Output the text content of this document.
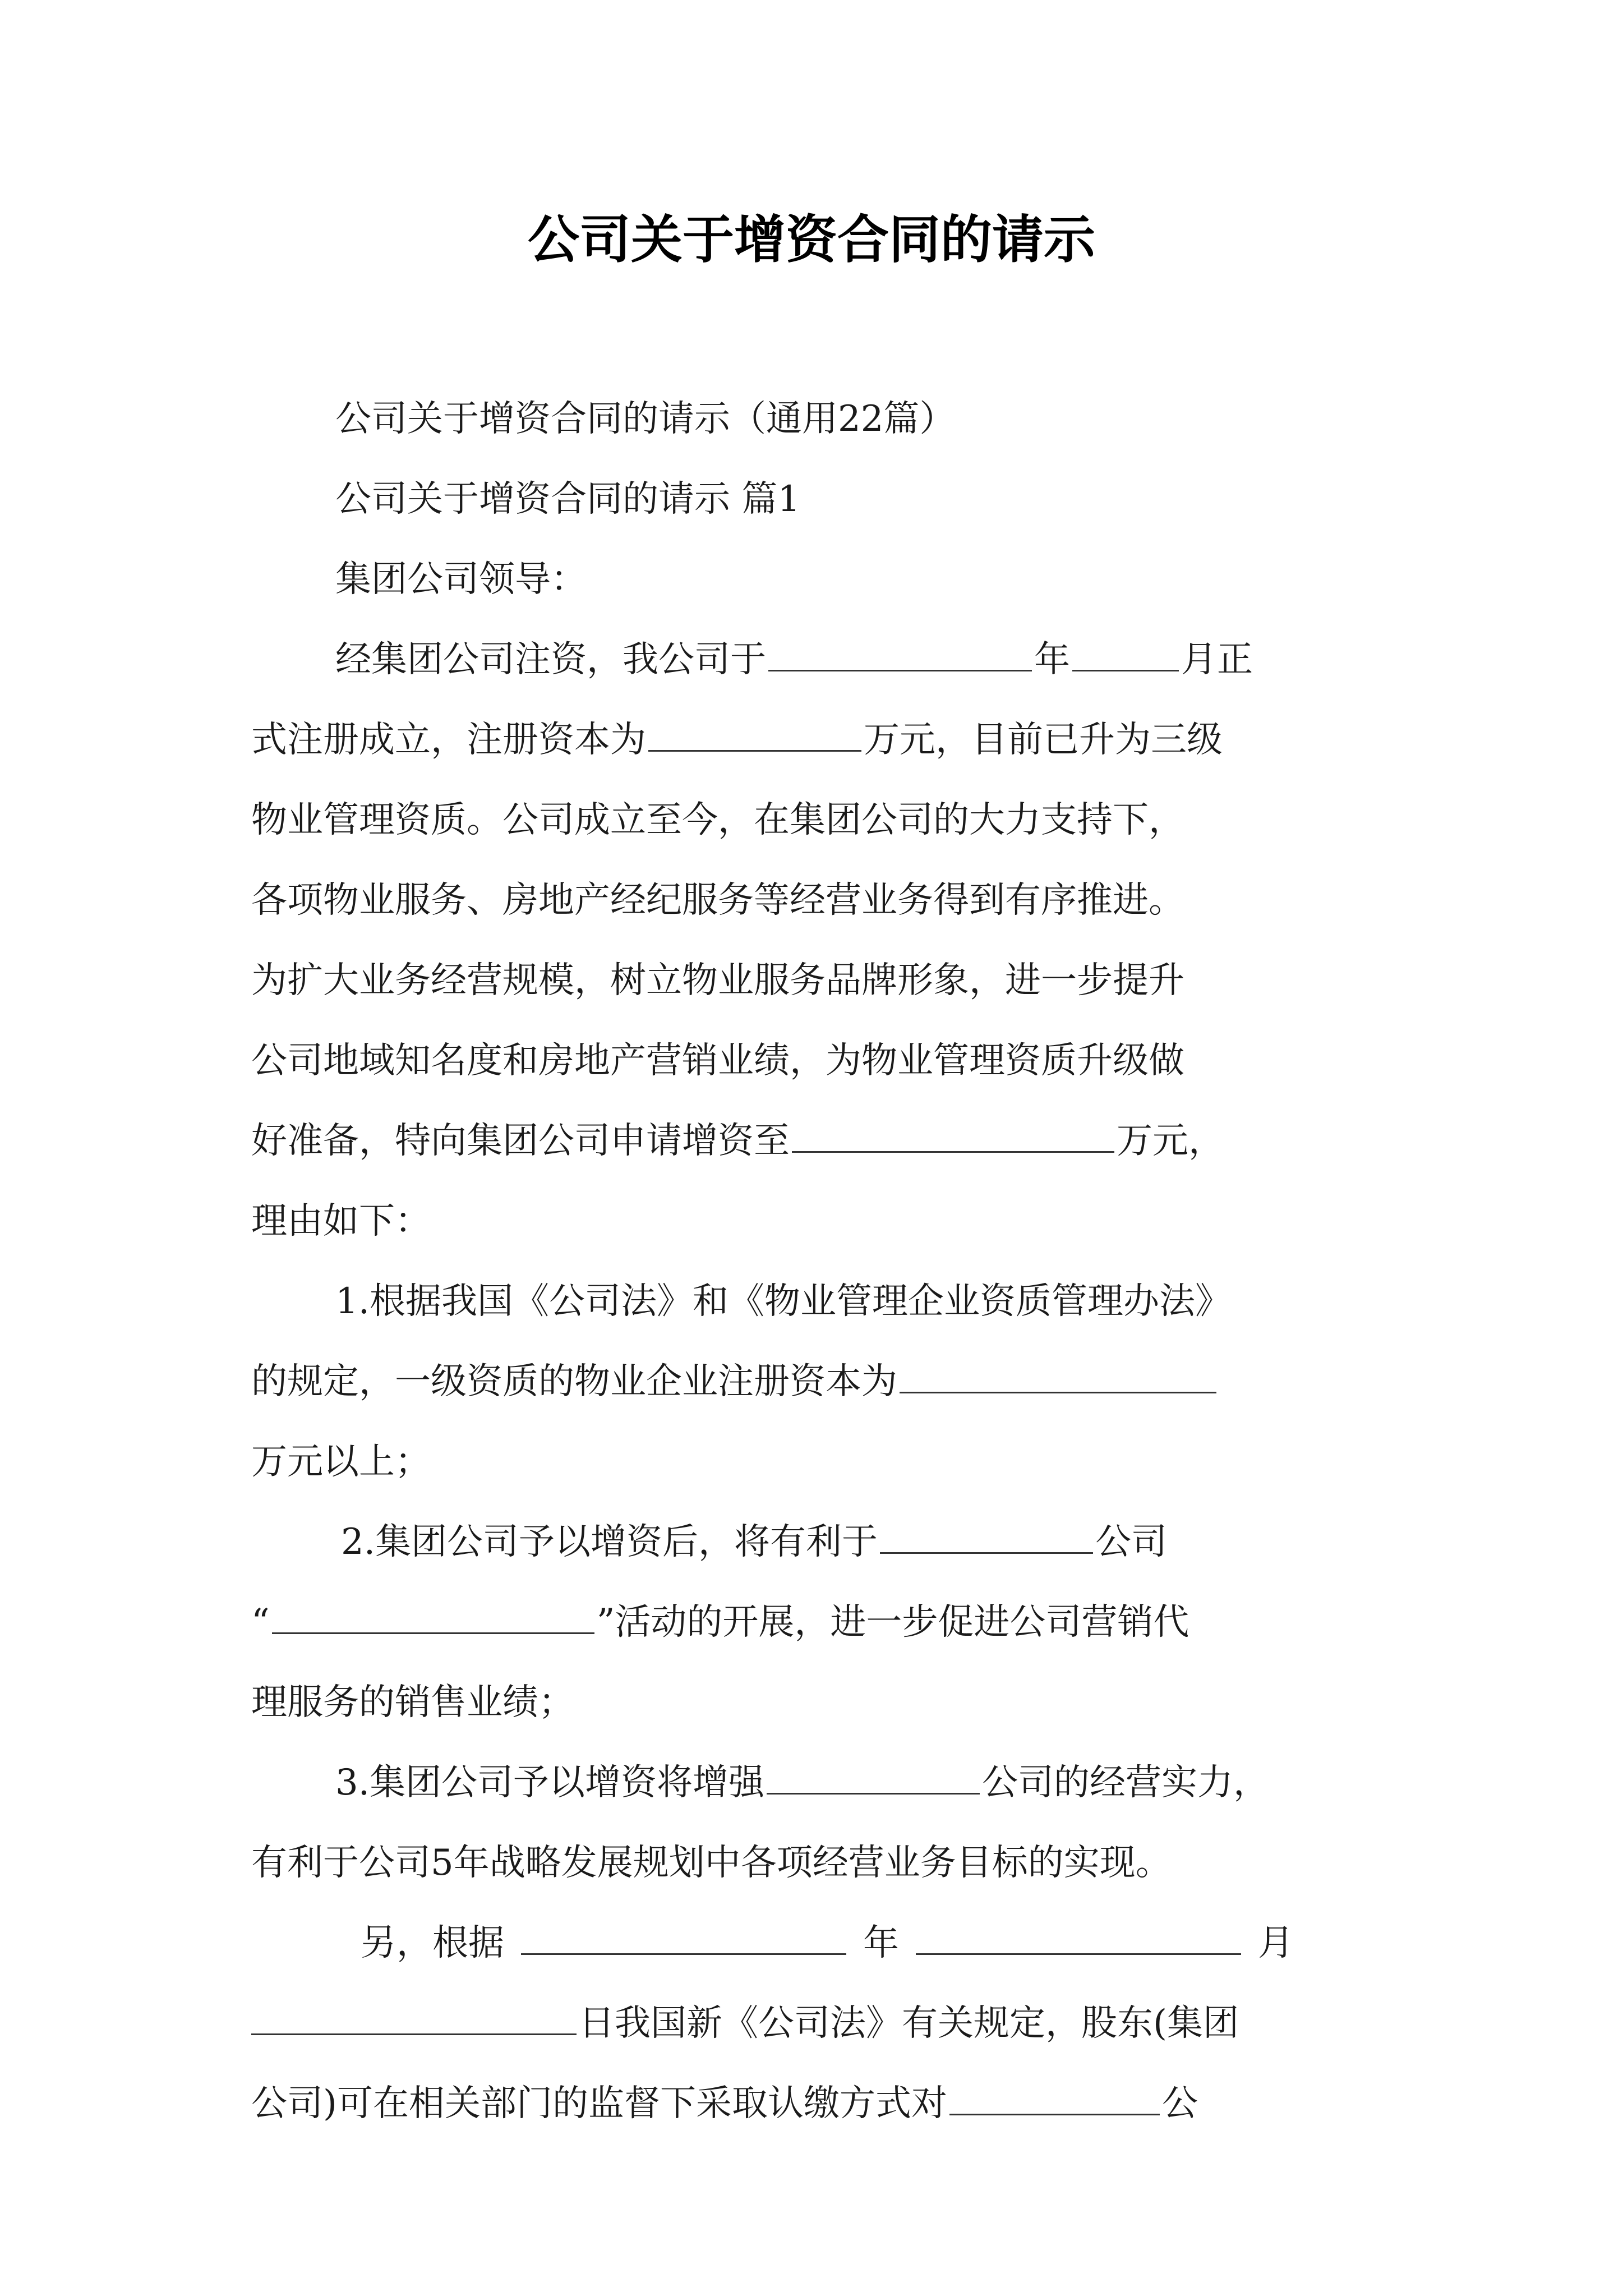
公司关于增资合同的请示

公司关于增资合同的请示（通用22篇）

公司关于增资合同的请示 篇1

集团公司领导：

经集团公司注资，我公司于	年	月正
式注册成立，注册资本为	万元，目前已升为三级
物业管理资质。公司成立至今，在集团公司的大力支持下，
各项物业服务、房地产经纪服务等经营业务得到有序推进。
为扩大业务经营规模，树立物业服务品牌形象，进一步提升
公司地域知名度和房地产营销业绩，为物业管理资质升级做
好准备，特向集团公司申请增资至	万元，
理由如下：
1.根据我国《公司法》和《物业管理企业资质管理办法》
的规定，一级资质的物业企业注册资本为
万元以上；
2.集团公司予以增资后，将有利于	公司
“	”活动的开展，进一步促进公司营销代
理服务的销售业绩；
3.集团公司予以增资将增强	公司的经营实力，
有利于公司5年战略发展规划中各项经营业务目标的实现。
另，根据	年	月
日我国新《公司法》有关规定，股东(集团
公司)可在相关部门的监督下采取认缴方式对	公
